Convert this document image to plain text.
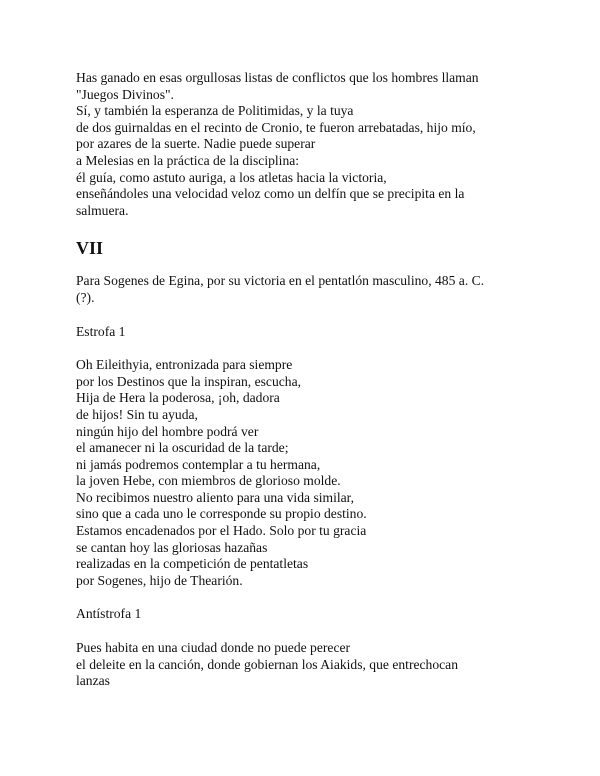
Has ganado en esas orgullosas listas de conflictos que los hombres llaman
"Juegos Divinos".
Sí, y también la esperanza de Politimidas, y la tuya
de dos guirnaldas en el recinto de Cronio, te fueron arrebatadas, hijo mío,
por azares de la suerte. Nadie puede superar
a Melesias en la práctica de la disciplina:
él guía, como astuto auriga, a los atletas hacia la victoria,
enseñándoles una velocidad veloz como un delfín que se precipita en la
salmuera.

VII

Para Sogenes de Egina, por su victoria en el pentatlón masculino, 485 a. C.
(?).

Estrofa 1

Oh Eileithyia, entronizada para siempre
por los Destinos que la inspiran, escucha,
Hija de Hera la poderosa, ¡oh, dadora
de hijos! Sin tu ayuda,
ningún hijo del hombre podrá ver
el amanecer ni la oscuridad de la tarde;
ni jamás podremos contemplar a tu hermana,
la joven Hebe, con miembros de glorioso molde.
No recibimos nuestro aliento para una vida similar,
sino que a cada uno le corresponde su propio destino.
Estamos encadenados por el Hado. Solo por tu gracia
se cantan hoy las gloriosas hazañas
realizadas en la competición de pentatletas
por Sogenes, hijo de Thearión.

Antístrofa 1

Pues habita en una ciudad donde no puede perecer
el deleite en la canción, donde gobiernan los Aiakids, que entrechocan
lanzas
